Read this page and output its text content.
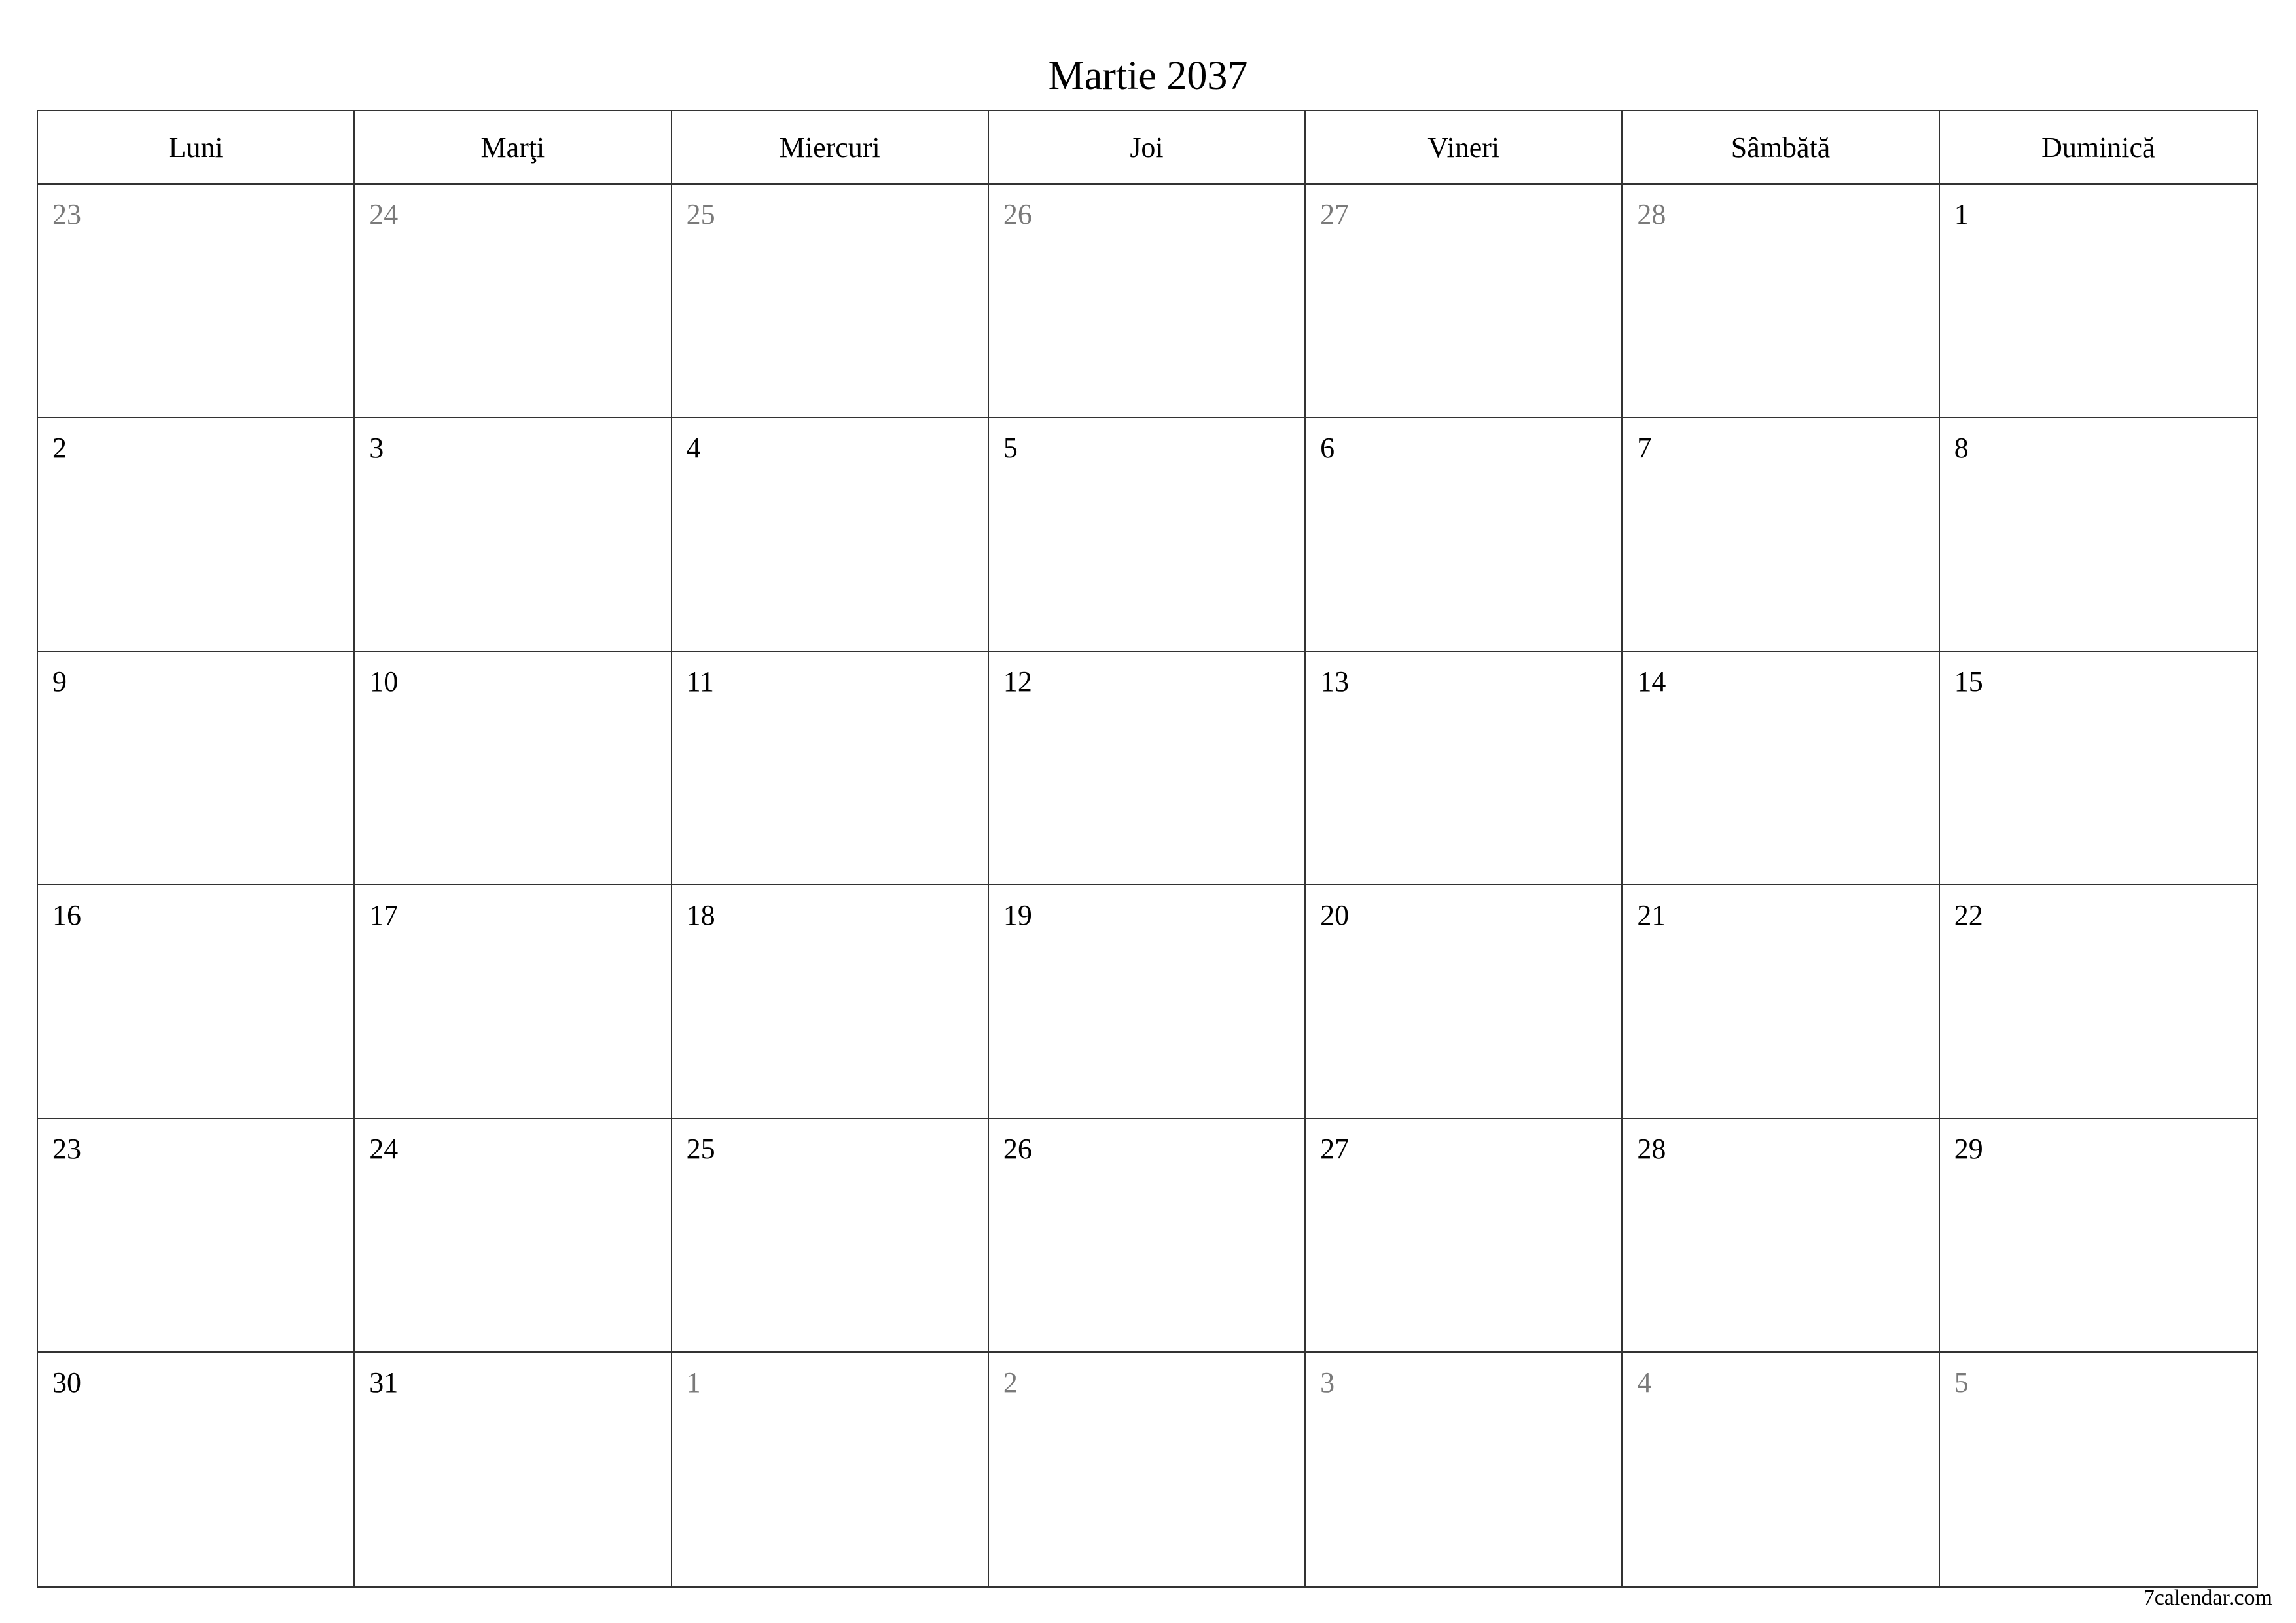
Martie 2037
Luni	Marţi	Miercuri	Joi	Vineri	Sâmbătă	Duminică
23	24	25	26	27	28	1
2	3	4	5	6	7	8
9	10	11	12	13	14	15
16	17	18	19	20	21	22
23	24	25	26	27	28	29
30	31	1	2	3	4	5
7calendar.com
